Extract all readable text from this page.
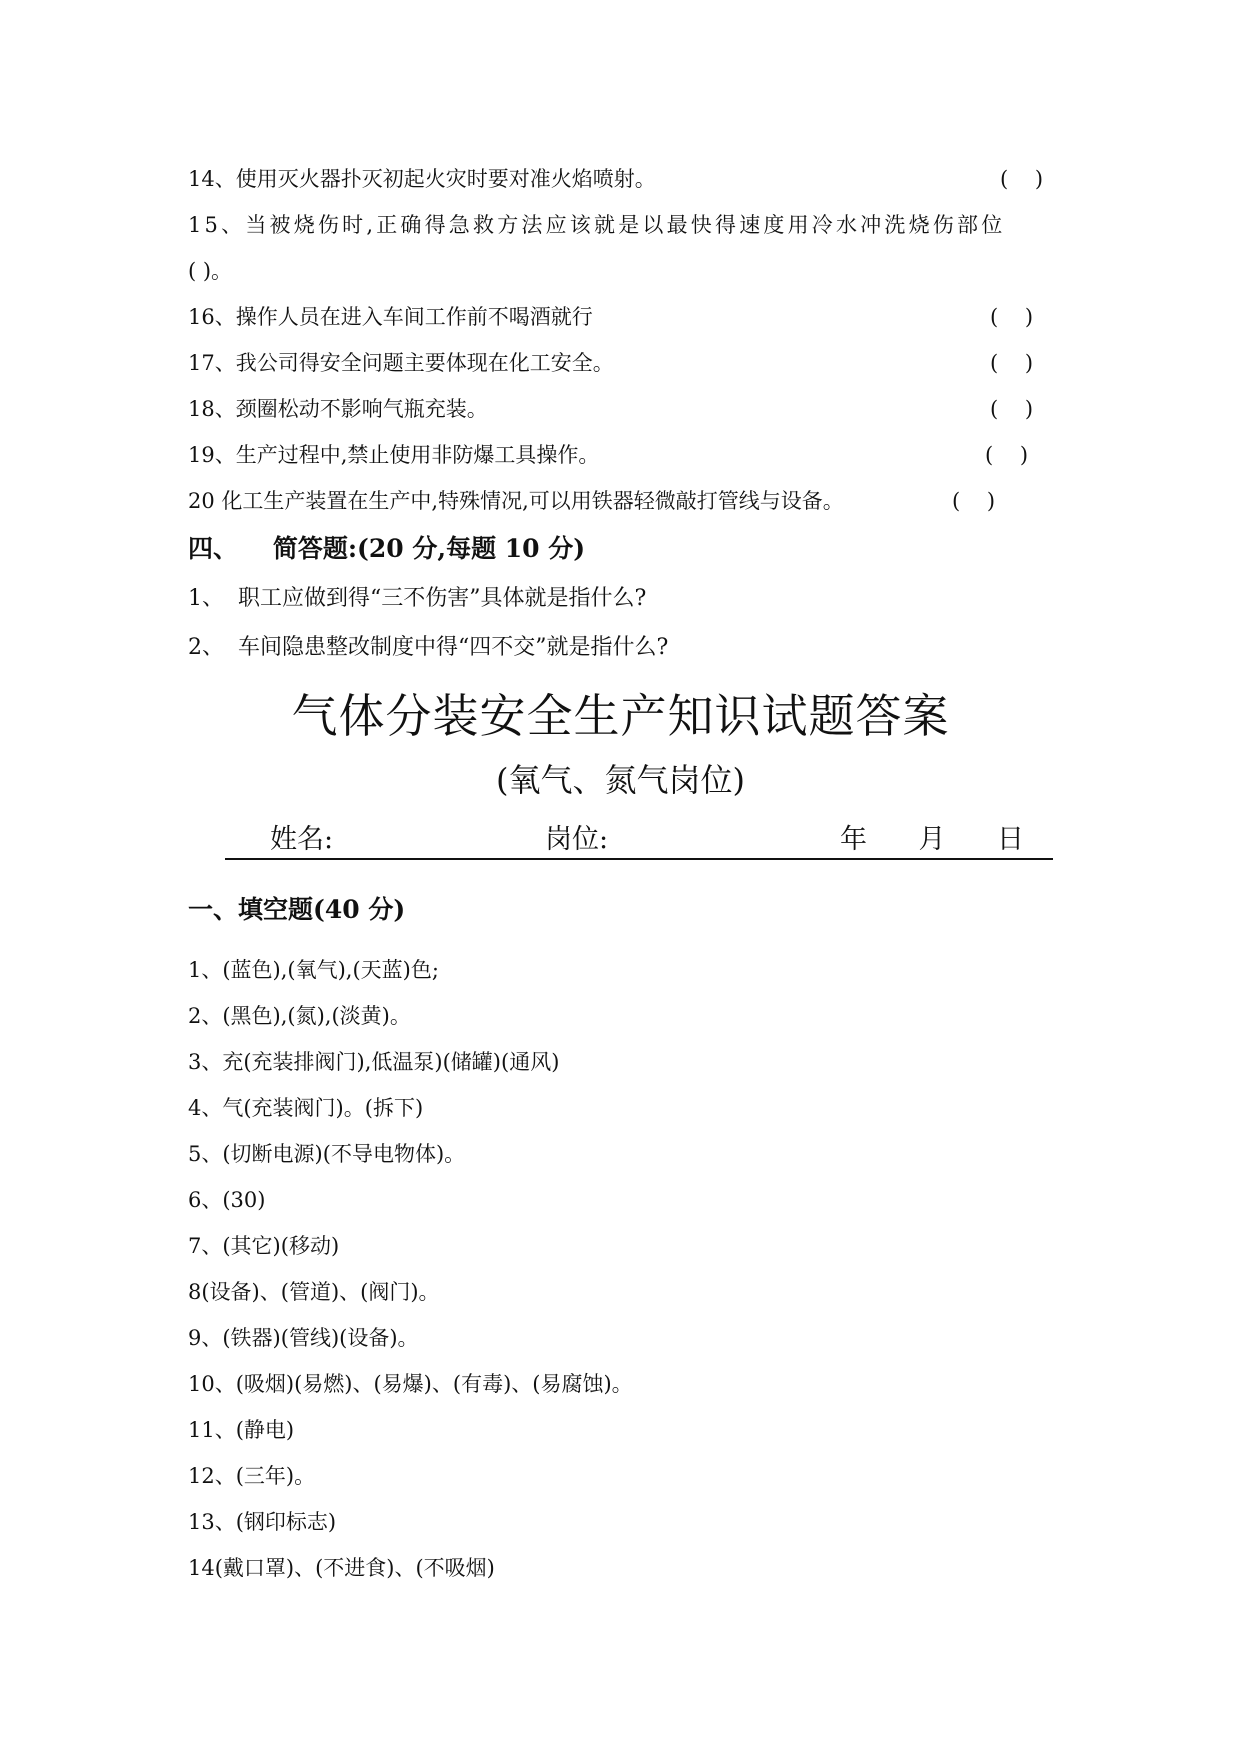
14、使用灭火器扑灭初起火灾时要对准火焰喷射。	(    )
15、当被烧伤时,正确得急救方法应该就是以最快得速度用冷水冲洗烧伤部位
( )。
16、操作人员在进入车间工作前不喝酒就行	(    )
17、我公司得安全问题主要体现在化工安全。	(    )
18、颈圈松动不影响气瓶充装。	(    )
19、生产过程中,禁止使用非防爆工具操作。	(    )
20 化工生产装置在生产中,特殊情况,可以用铁器轻微敲打管线与设备。	(    )
四、    简答题:(20 分,每题 10 分)
1、  职工应做到得“三不伤害”具体就是指什么?
2、  车间隐患整改制度中得“四不交”就是指什么?
气体分装安全生产知识试题答案
(氧气、氮气岗位)
姓名:	岗位:	年      月      日
一、填空题(40 分)
1、(蓝色),(氧气),(天蓝)色;
2、(黑色),(氮),(淡黄)。
3、充(充装排阀门),低温泵)(储罐)(通风)
4、气(充装阀门)。(拆下)
5、(切断电源)(不导电物体)。
6、(30)
7、(其它)(移动)
8(设备)、(管道)、(阀门)。
9、(铁器)(管线)(设备)。
10、(吸烟)(易燃)、(易爆)、(有毒)、(易腐蚀)。
11、(静电)
12、(三年)。
13、(钢印标志)
14(戴口罩)、(不进食)、(不吸烟)
